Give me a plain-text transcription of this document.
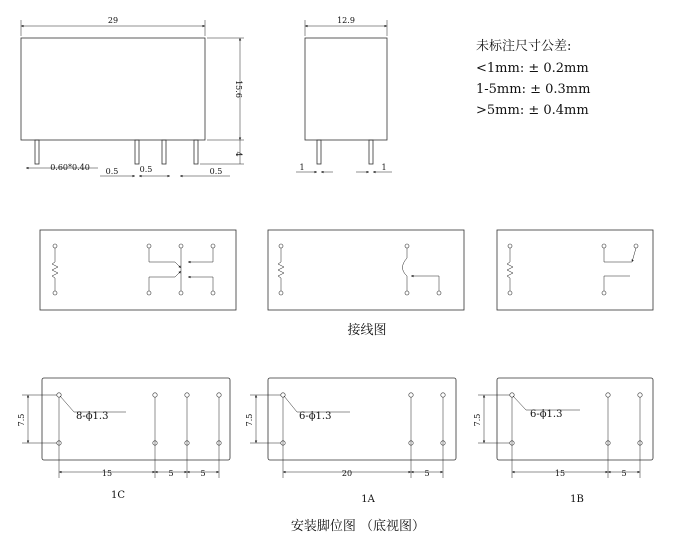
29
15.6
4
0.60*0.40 0.5	0.5	0.5
12.9
1	1
未标注尺寸公差:
<1mm: ± 0.2mm
1-5mm: ± 0.3mm
>5mm: ± 0.4mm
接线图
7.5
15	5	5
8-ϕ1.3
1C
7.5
20	5
6-ϕ1.3
1A
7.5
15	5
6-ϕ1.3
1B
安装脚位图 （底视图）
